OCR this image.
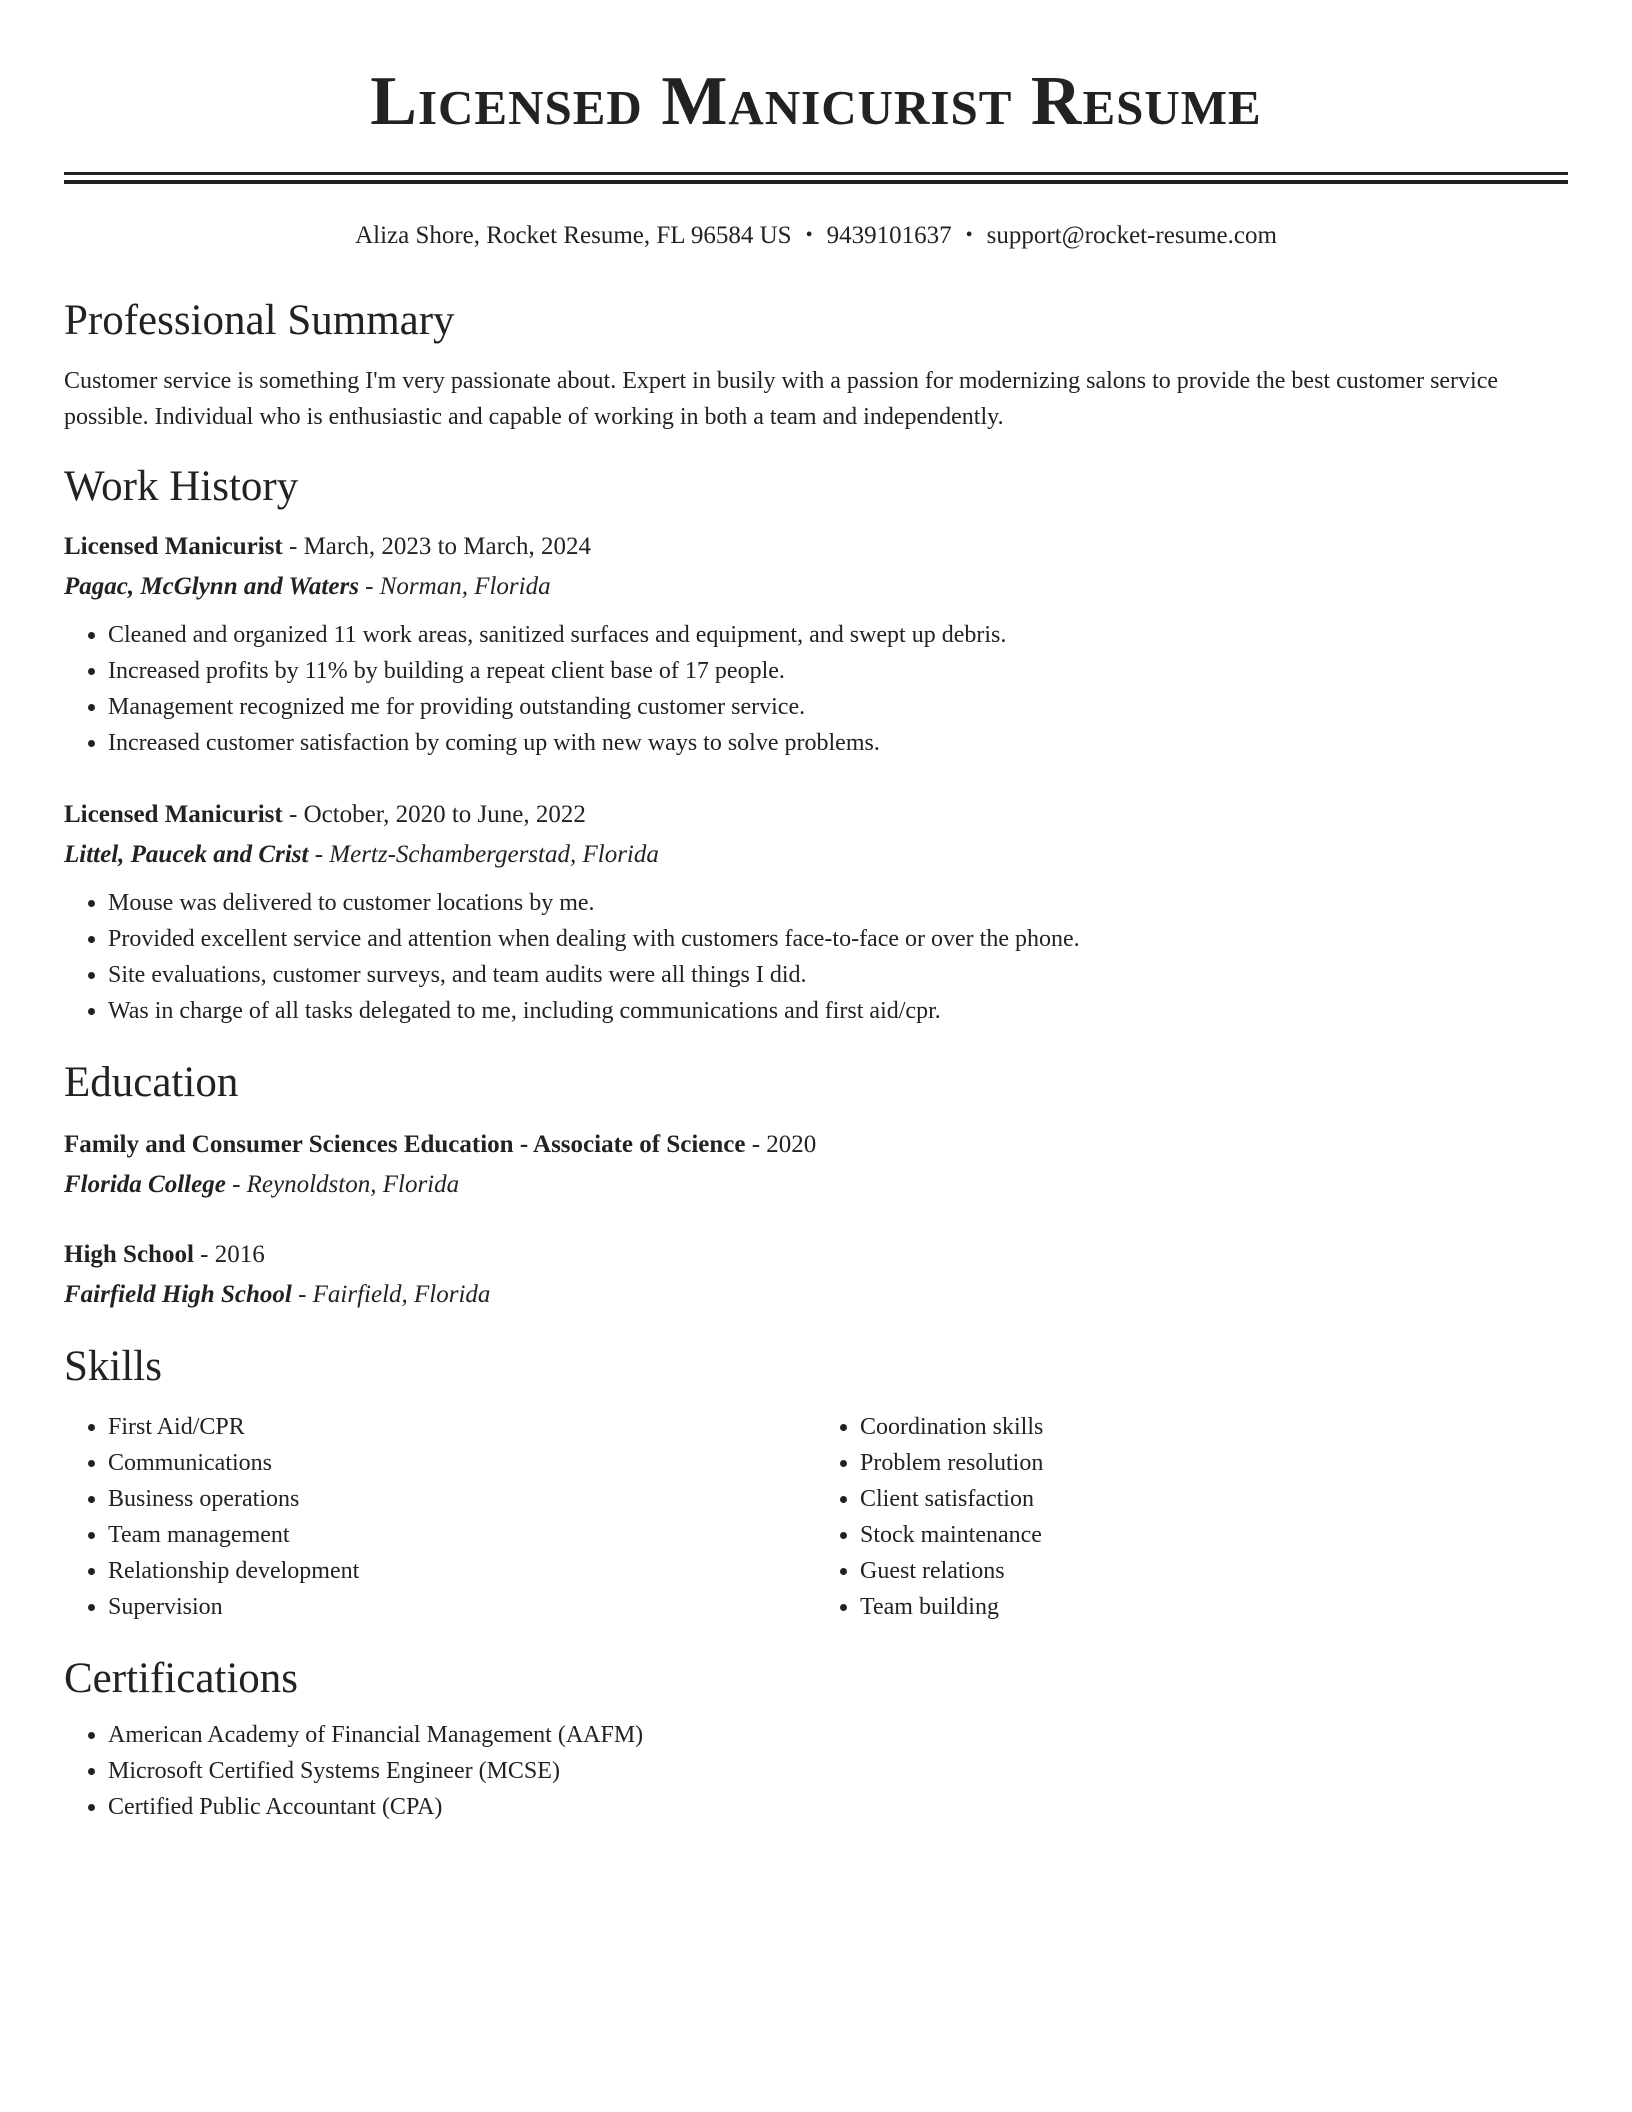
Licensed Manicurist Resume
Aliza Shore, Rocket Resume, FL 96584 US • 9439101637 • support@rocket-resume.com
Professional Summary
Customer service is something I'm very passionate about. Expert in busily with a passion for modernizing salons to provide the best customer service possible. Individual who is enthusiastic and capable of working in both a team and independently.
Work History
Licensed Manicurist - March, 2023 to March, 2024
Pagac, McGlynn and Waters - Norman, Florida
• Cleaned and organized 11 work areas, sanitized surfaces and equipment, and swept up debris.
• Increased profits by 11% by building a repeat client base of 17 people.
• Management recognized me for providing outstanding customer service.
• Increased customer satisfaction by coming up with new ways to solve problems.
Licensed Manicurist - October, 2020 to June, 2022
Littel, Paucek and Crist - Mertz-Schambergerstad, Florida
• Mouse was delivered to customer locations by me.
• Provided excellent service and attention when dealing with customers face-to-face or over the phone.
• Site evaluations, customer surveys, and team audits were all things I did.
• Was in charge of all tasks delegated to me, including communications and first aid/cpr.
Education
Family and Consumer Sciences Education - Associate of Science - 2020
Florida College - Reynoldston, Florida
High School - 2016
Fairfield High School - Fairfield, Florida
Skills
• First Aid/CPR
• Communications
• Business operations
• Team management
• Relationship development
• Supervision
• Coordination skills
• Problem resolution
• Client satisfaction
• Stock maintenance
• Guest relations
• Team building
Certifications
• American Academy of Financial Management (AAFM)
• Microsoft Certified Systems Engineer (MCSE)
• Certified Public Accountant (CPA)
